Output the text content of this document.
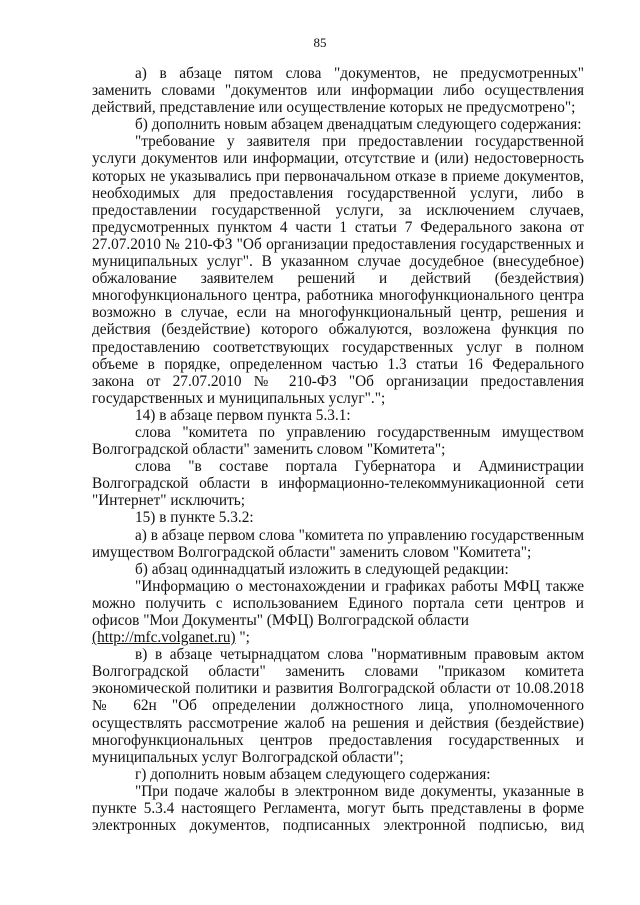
85

а) в абзаце пятом слова "документов, не предусмотренных" заменить словами "документов или информации либо осуществления действий, представление или осуществление которых не предусмотрено";

б) дополнить новым абзацем двенадцатым следующего содержания:

"требование у заявителя при предоставлении государственной услуги документов или информации, отсутствие и (или) недостоверность которых не указывались при первоначальном отказе в приеме документов, необходимых для предоставления государственной услуги, либо в предоставлении государственной услуги, за исключением случаев, предусмотренных пунктом 4 части 1 статьи 7 Федерального закона от 27.07.2010 № 210-ФЗ "Об организации предоставления государственных и муниципальных услуг". В указанном случае досудебное (внесудебное) обжалование заявителем решений и действий (бездействия) многофункционального центра, работника многофункционального центра возможно в случае, если на многофункциональный центр, решения и действия (бездействие) которого обжалуются, возложена функция по предоставлению соответствующих государственных услуг в полном объеме в порядке, определенном частью 1.3 статьи 16 Федерального закона от 27.07.2010 № 210-ФЗ "Об организации предоставления государственных и муниципальных услуг".";

14) в абзаце первом пункта 5.3.1:

слова "комитета по управлению государственным имуществом Волгоградской области" заменить словом "Комитета";

слова "в составе портала Губернатора и Администрации Волгоградской области в информационно-телекоммуникационной сети "Интернет" исключить;

15) в пункте 5.3.2:

а) в абзаце первом слова "комитета по управлению государственным имуществом Волгоградской области" заменить словом "Комитета";

б) абзац одиннадцатый изложить в следующей редакции:

"Информацию о местонахождении и графиках работы МФЦ также можно получить с использованием Единого портала сети центров и офисов "Мои Документы" (МФЦ) Волгоградской области

(http://mfc.volganet.ru) ";

в) в абзаце четырнадцатом слова "нормативным правовым актом Волгоградской области" заменить словами "приказом комитета экономической политики и развития Волгоградской области от 10.08.2018 № 62н "Об определении должностного лица, уполномоченного осуществлять рассмотрение жалоб на решения и действия (бездействие) многофункциональных центров предоставления государственных и муниципальных услуг Волгоградской области";

г) дополнить новым абзацем следующего содержания:

"При подаче жалобы в электронном виде документы, указанные в пункте 5.3.4 настоящего Регламента, могут быть представлены в форме электронных документов, подписанных электронной подписью, вид
